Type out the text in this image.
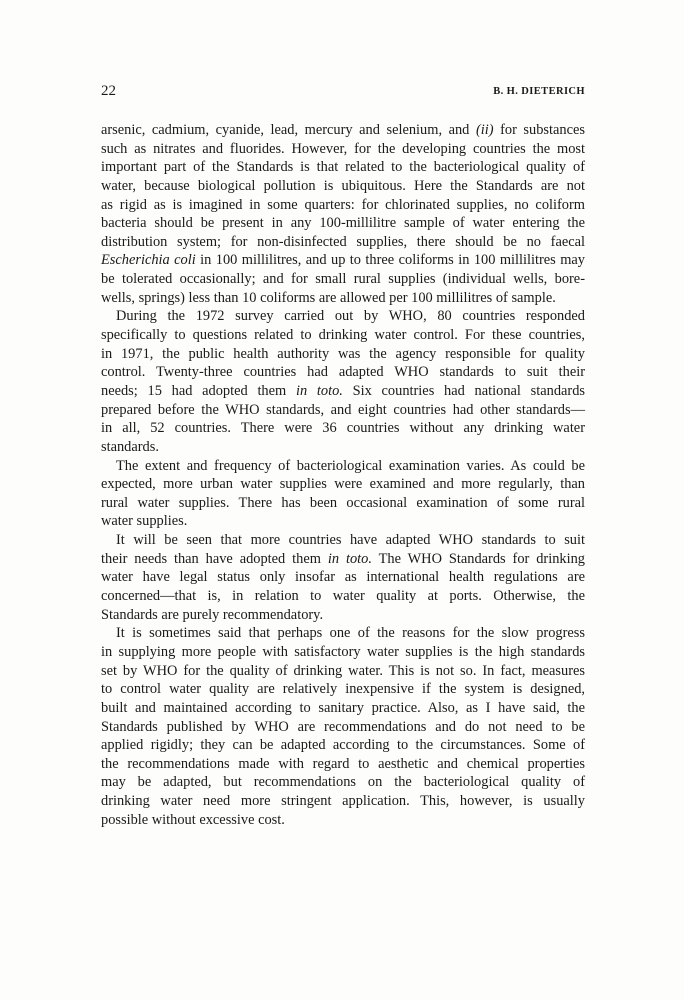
22	B. H. DIETERICH
arsenic, cadmium, cyanide, lead, mercury and selenium, and (ii) for substances
such as nitrates and fluorides. However, for the developing countries the most
important part of the Standards is that related to the bacteriological quality of
water, because biological pollution is ubiquitous. Here the Standards are not
as rigid as is imagined in some quarters: for chlorinated supplies, no coliform
bacteria should be present in any 100-millilitre sample of water entering the
distribution system; for non-disinfected supplies, there should be no faecal
Escherichia coli in 100 millilitres, and up to three coliforms in 100 millilitres may
be tolerated occasionally; and for small rural supplies (individual wells, bore-
wells, springs) less than 10 coliforms are allowed per 100 millilitres of sample.
During the 1972 survey carried out by WHO, 80 countries responded
specifically to questions related to drinking water control. For these countries,
in 1971, the public health authority was the agency responsible for quality
control. Twenty-three countries had adapted WHO standards to suit their
needs; 15 had adopted them in toto. Six countries had national standards
prepared before the WHO standards, and eight countries had other standards—
in all, 52 countries. There were 36 countries without any drinking water
standards.
The extent and frequency of bacteriological examination varies. As could be
expected, more urban water supplies were examined and more regularly, than
rural water supplies. There has been occasional examination of some rural
water supplies.
It will be seen that more countries have adapted WHO standards to suit
their needs than have adopted them in toto. The WHO Standards for drinking
water have legal status only insofar as international health regulations are
concerned—that is, in relation to water quality at ports. Otherwise, the
Standards are purely recommendatory.
It is sometimes said that perhaps one of the reasons for the slow progress
in supplying more people with satisfactory water supplies is the high standards
set by WHO for the quality of drinking water. This is not so. In fact, measures
to control water quality are relatively inexpensive if the system is designed,
built and maintained according to sanitary practice. Also, as I have said, the
Standards published by WHO are recommendations and do not need to be
applied rigidly; they can be adapted according to the circumstances. Some of
the recommendations made with regard to aesthetic and chemical properties
may be adapted, but recommendations on the bacteriological quality of
drinking water need more stringent application. This, however, is usually
possible without excessive cost.
